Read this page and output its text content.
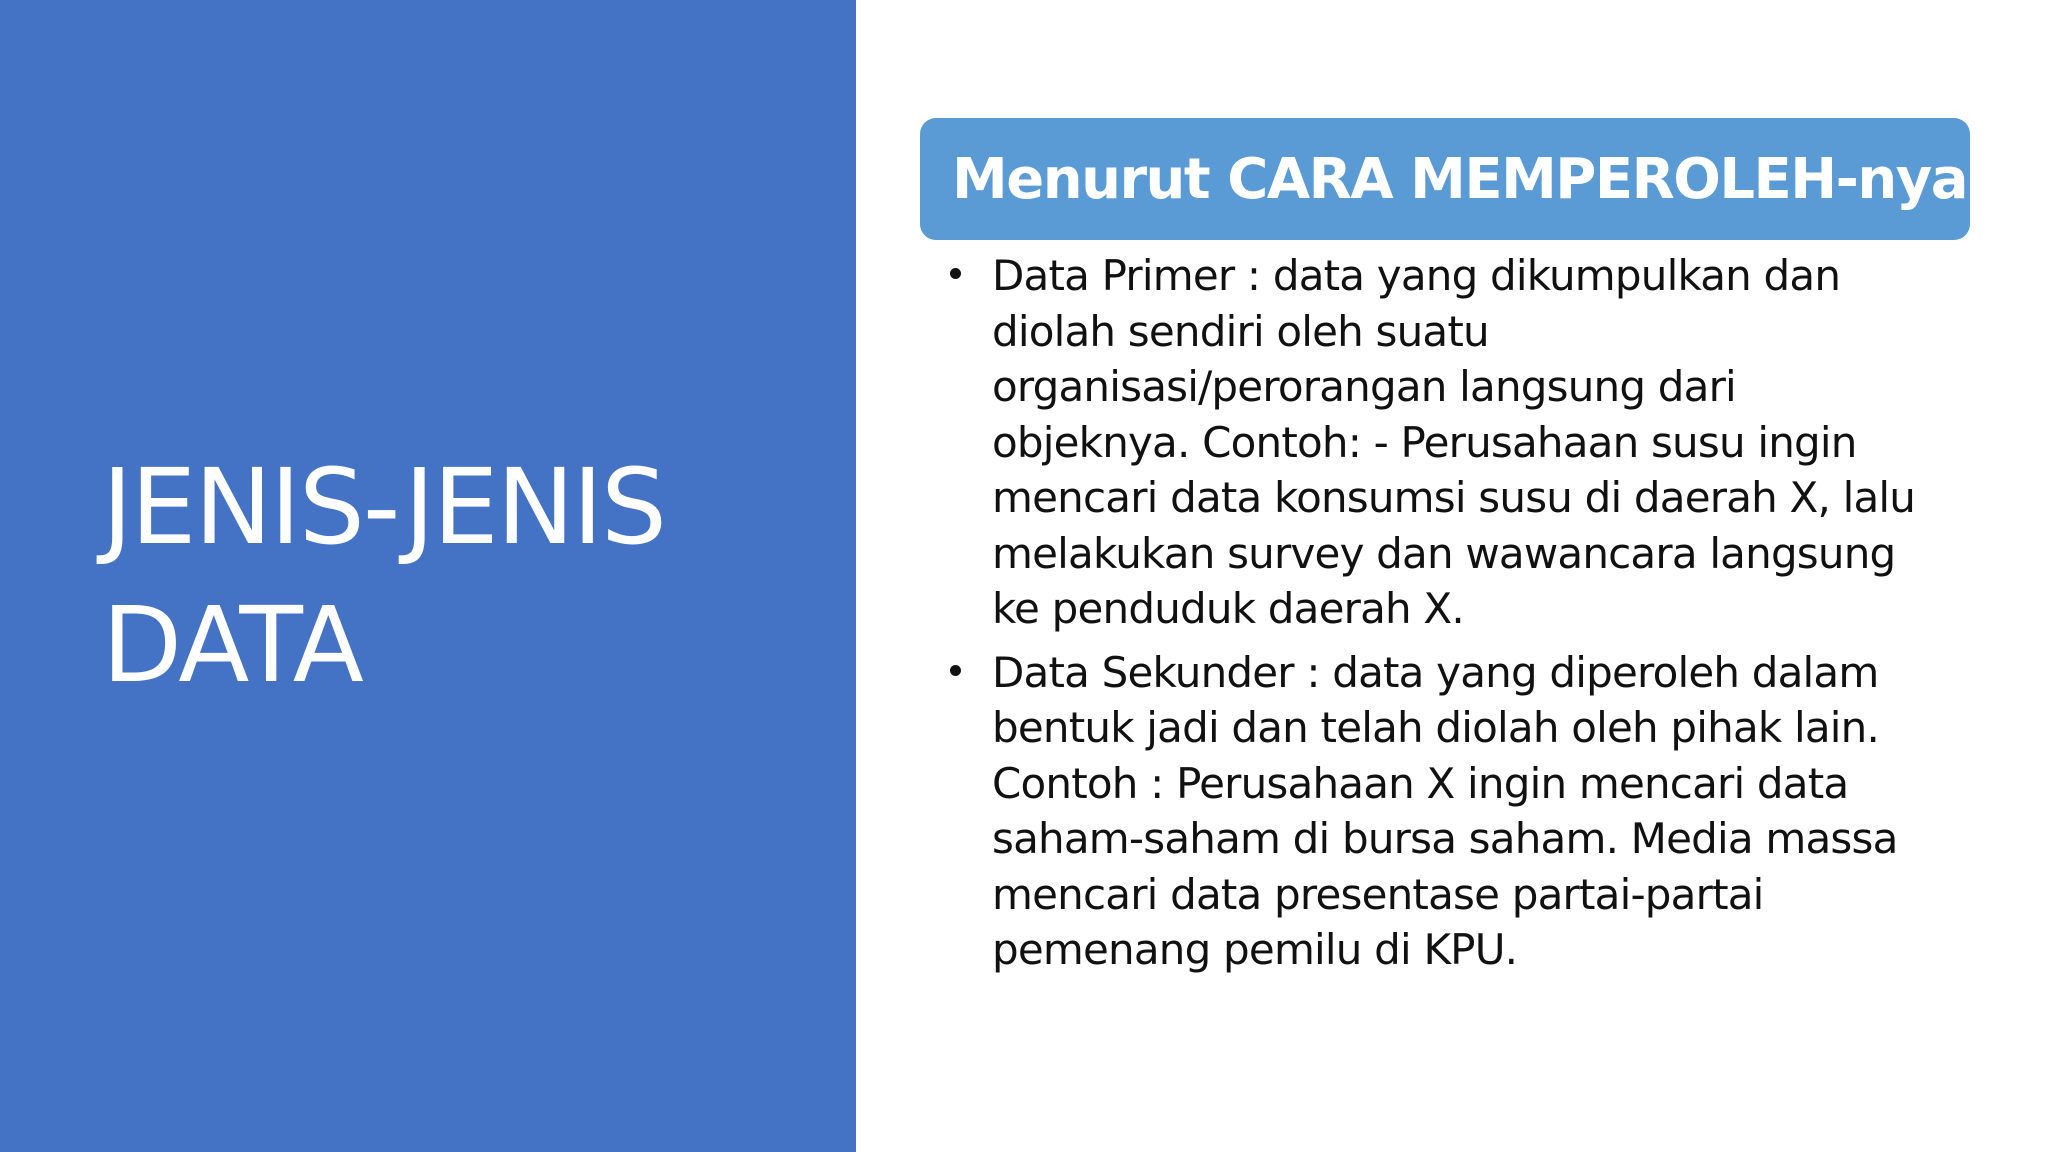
JENIS-JENIS
DATA
Menurut CARA MEMPEROLEH-nya
Data Primer : data yang dikumpulkan dan
diolah sendiri oleh suatu
organisasi/perorangan langsung dari
objeknya. Contoh: - Perusahaan susu ingin
mencari data konsumsi susu di daerah X, lalu
melakukan survey dan wawancara langsung
ke penduduk daerah X.
Data Sekunder : data yang diperoleh dalam
bentuk jadi dan telah diolah oleh pihak lain.
Contoh : Perusahaan X ingin mencari data
saham-saham di bursa saham. Media massa
mencari data presentase partai-partai
pemenang pemilu di KPU.
